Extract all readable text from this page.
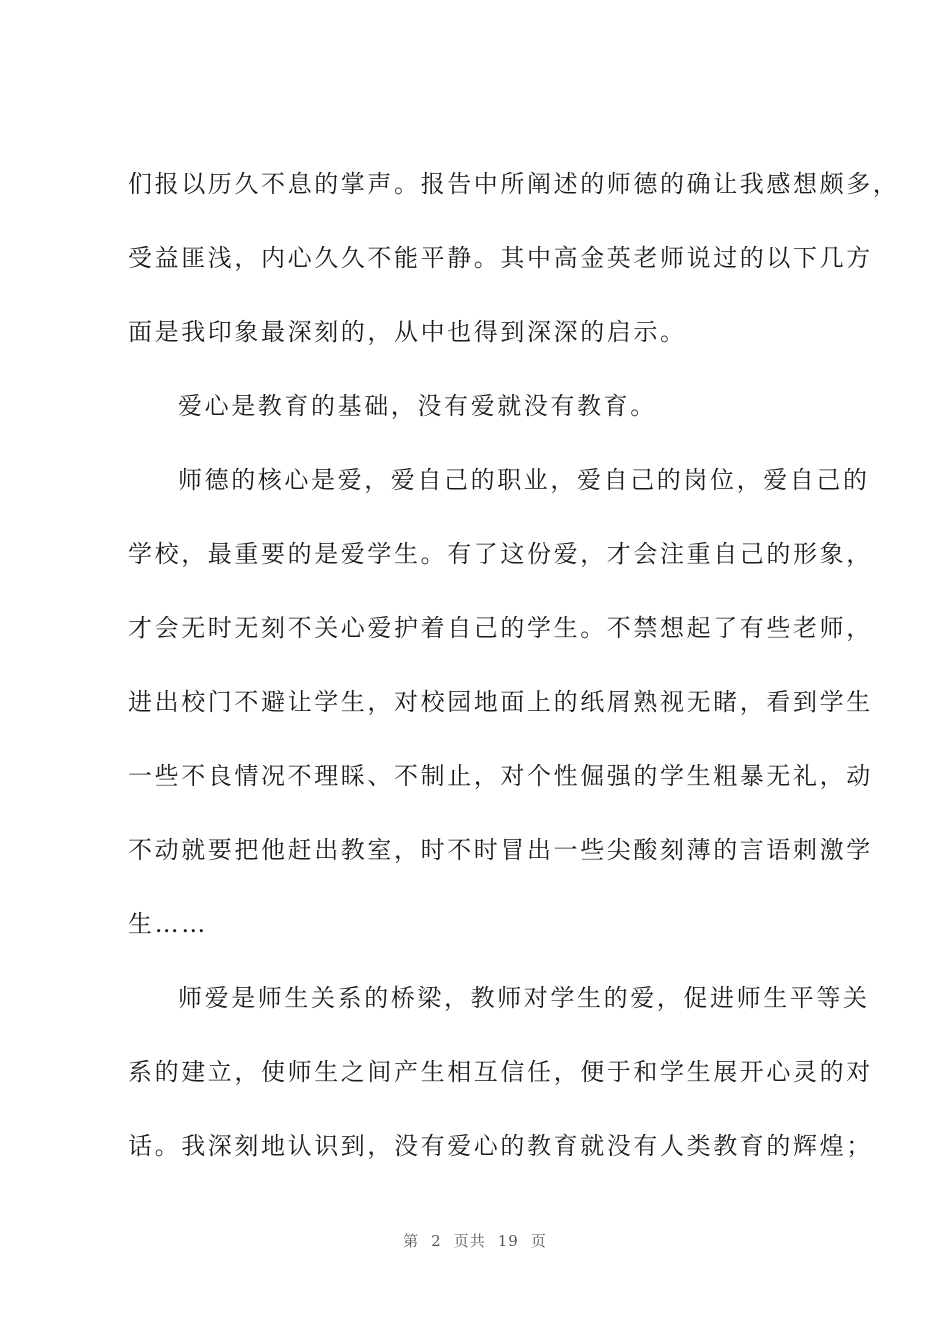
们报以历久不息的掌声。报告中所阐述的师德的确让我感想颇多，
受益匪浅，内心久久不能平静。其中高金英老师说过的以下几方
面是我印象最深刻的，从中也得到深深的启示。
爱心是教育的基础，没有爱就没有教育。
师德的核心是爱，爱自己的职业，爱自己的岗位，爱自己的
学校，最重要的是爱学生。有了这份爱，才会注重自己的形象，
才会无时无刻不关心爱护着自己的学生。不禁想起了有些老师，
进出校门不避让学生，对校园地面上的纸屑熟视无睹，看到学生
一些不良情况不理睬、不制止，对个性倔强的学生粗暴无礼，动
不动就要把他赶出教室，时不时冒出一些尖酸刻薄的言语刺激学
生……
师爱是师生关系的桥梁，教师对学生的爱，促进师生平等关
系的建立，使师生之间产生相互信任，便于和学生展开心灵的对
话。我深刻地认识到，没有爱心的教育就没有人类教育的辉煌；
第 2 页共 19 页
